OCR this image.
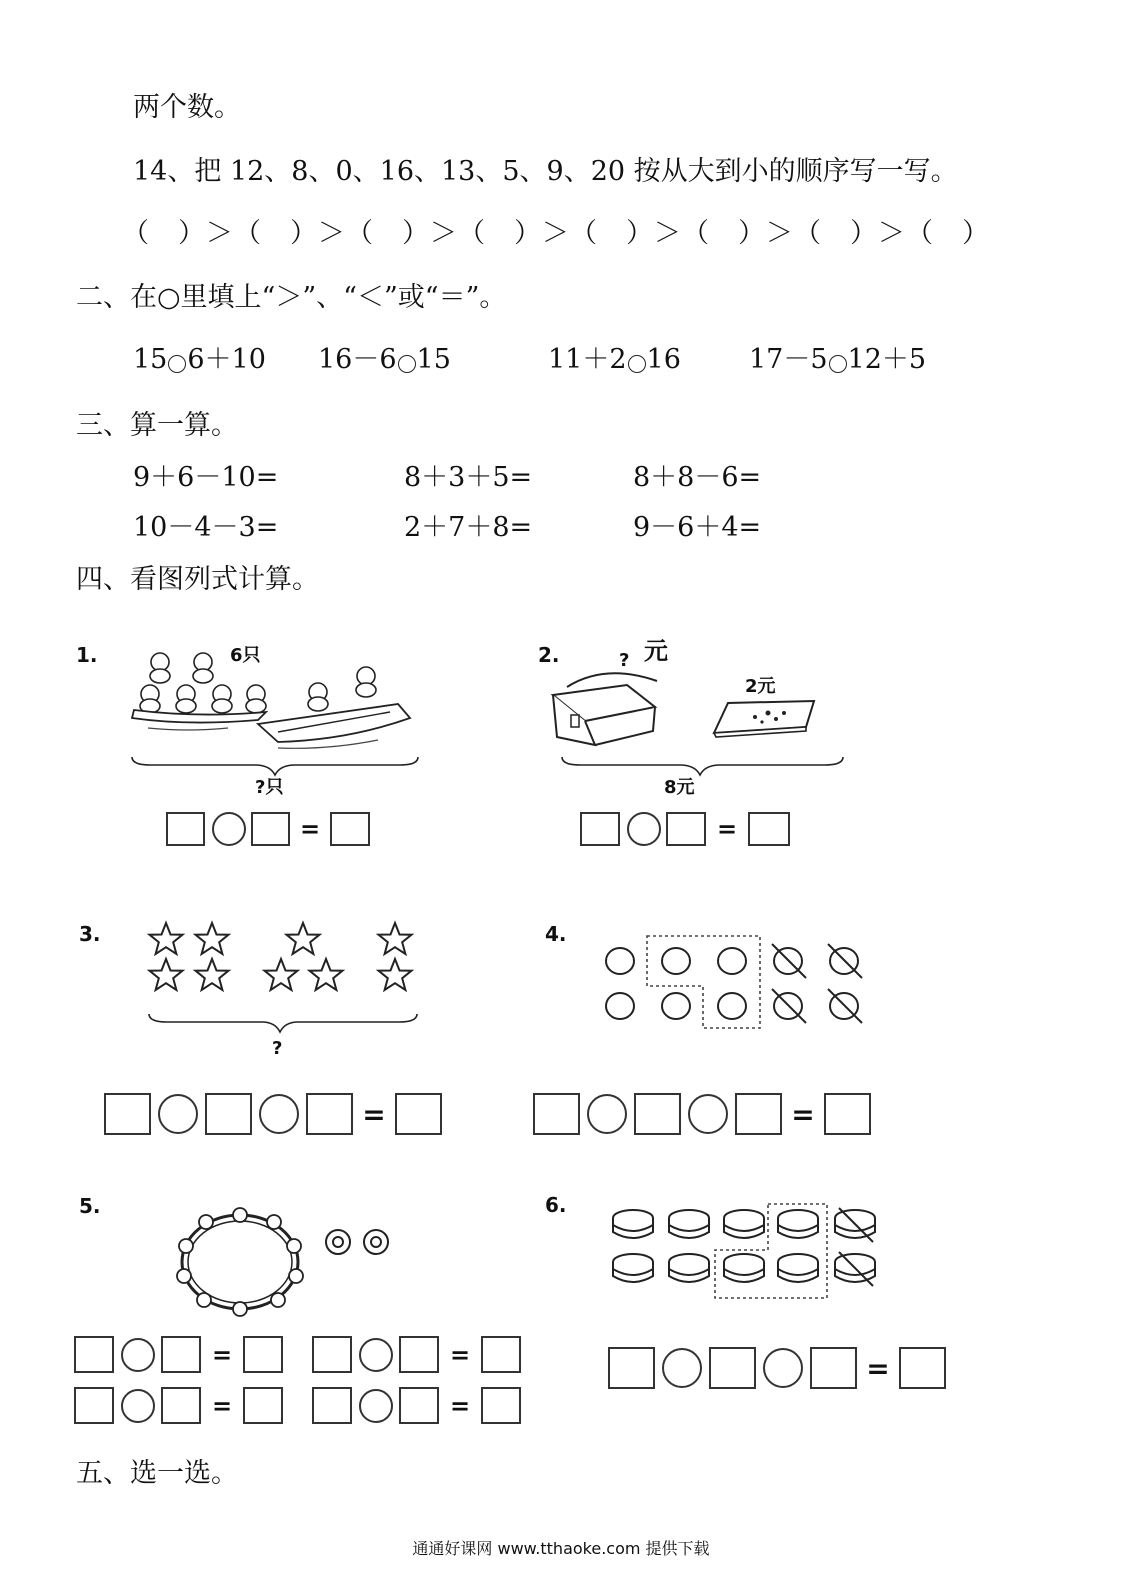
两个数。
14、把 12、8、0、16、13、5、9、20 按从大到小的顺序写一写。
（　）＞（　）＞（　）＞（　）＞（　）＞（　）＞（　）＞（　）
二、在○里填上“＞”、“＜”或“＝”。
15 6＋10 16－6 15	11＋2 16	17－5 12＋5
三、算一算。
9＋6－10=	8＋3＋5=	8＋8－6=
10－4－3=	2＋7＋8=	9－6＋4=
四、看图列式计算。
1.	6只
?只
=
2.	? 元
2元
8元
=
3.
?
=
4.
=
5.
=	=
=	=
6.
=
五、选一选。
通通好课网 www.tthaoke.com 提供下载
